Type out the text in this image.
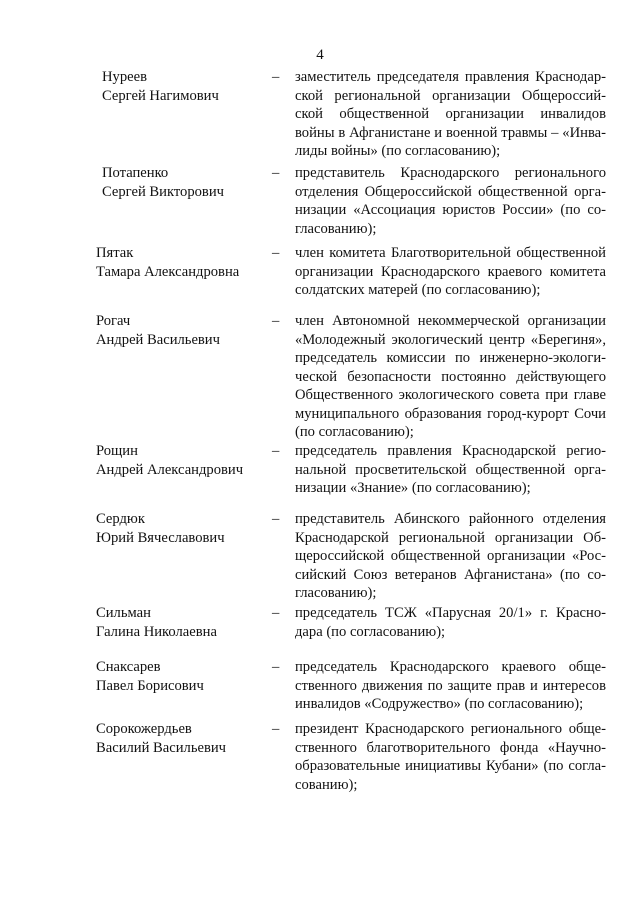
4
Нуреев
Сергей Нагимович
–	заместитель председателя правления Краснодар-
ской региональной организации Общероссий-
ской общественной организации инвалидов
войны в Афганистане и военной травмы – «Инва-
лиды войны» (по согласованию);
Потапенко
Сергей Викторович
–	представитель Краснодарского регионального
отделения Общероссийской общественной орга-
низации «Ассоциация юристов России» (по со-
гласованию);
Пятак
Тамара Александровна
–	член комитета Благотворительной общественной
организации Краснодарского краевого комитета
солдатских матерей (по согласованию);
Рогач
Андрей Васильевич
–	член Автономной некоммерческой организации
«Молодежный экологический центр «Берегиня»,
председатель комиссии по инженерно-экологи-
ческой безопасности постоянно действующего
Общественного экологического совета при главе
муниципального образования город-курорт Сочи
(по согласованию);
Рощин
Андрей Александрович
–	председатель правления Краснодарской регио-
нальной просветительской общественной орга-
низации «Знание» (по согласованию);
Сердюк
Юрий Вячеславович
–	представитель Абинского районного отделения
Краснодарской региональной организации Об-
щероссийской общественной организации «Рос-
сийский Союз ветеранов Афганистана» (по со-
гласованию);
Сильман
Галина Николаевна
–	председатель ТСЖ «Парусная 20/1» г. Красно-
дара (по согласованию);
Снаксарев
Павел Борисович
–	председатель Краснодарского краевого обще-
ственного движения по защите прав и интересов
инвалидов «Содружество» (по согласованию);
Сорокожердьев
Василий Васильевич
–	президент Краснодарского регионального обще-
ственного благотворительного фонда «Научно-
образовательные инициативы Кубани» (по согла-
сованию);
